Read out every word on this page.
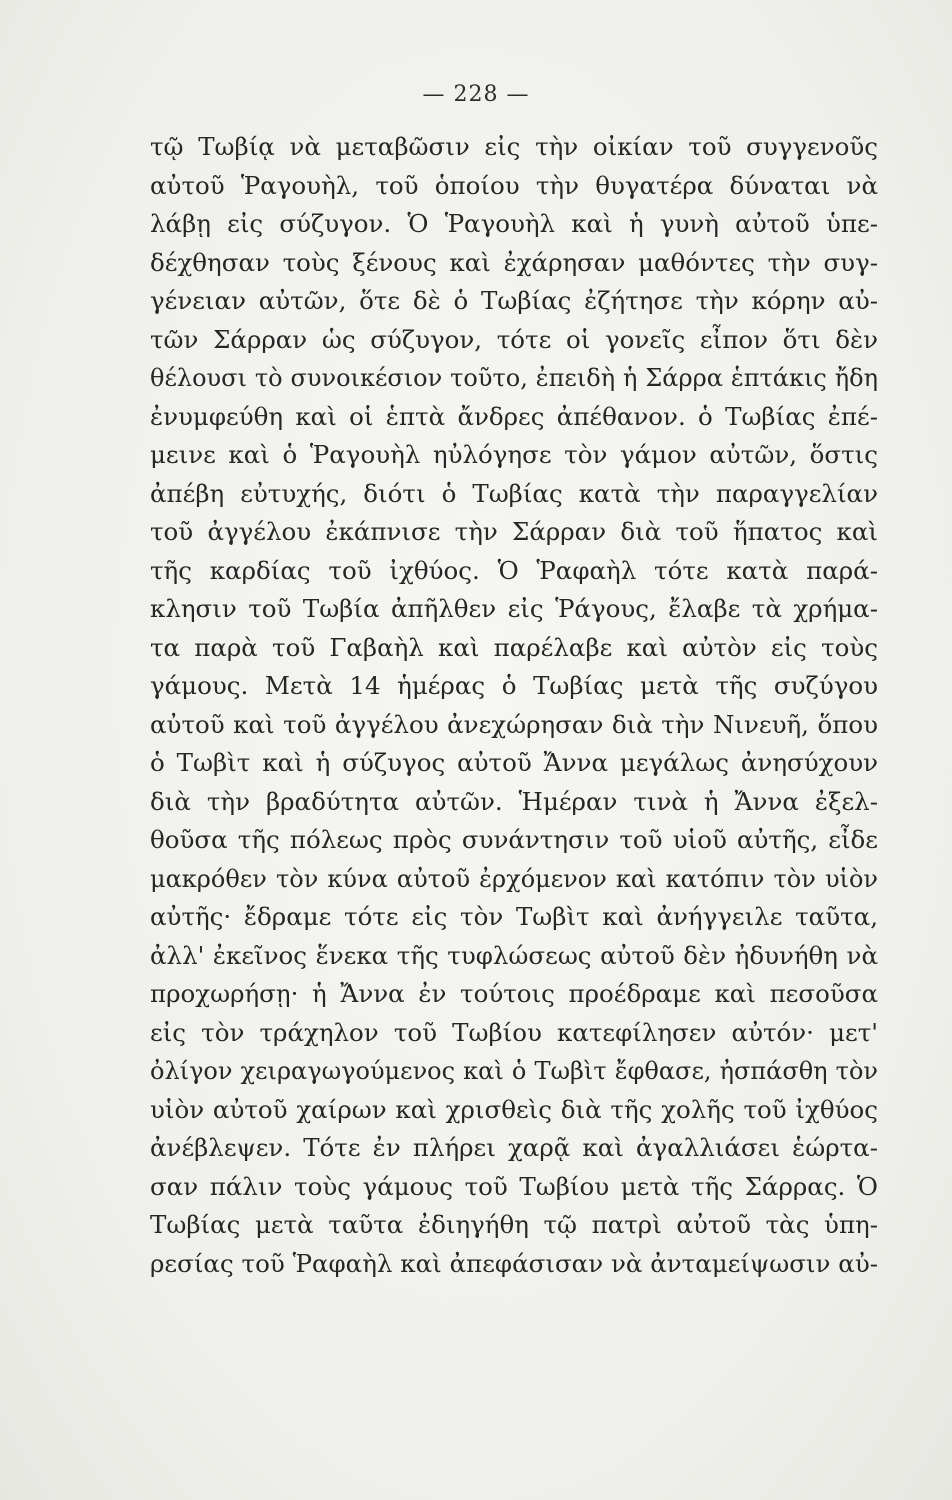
— 228 —
τῷ Τωβίᾳ νὰ μεταβῶσιν εἰς τὴν οἰκίαν τοῦ συγγενοῦς
αὐτοῦ Ῥαγουὴλ, τοῦ ὁποίου τὴν θυγατέρα δύναται νὰ
λάβῃ εἰς σύζυγον. Ὁ Ῥαγουὴλ καὶ ἡ γυνὴ αὐτοῦ ὑπε-
δέχθησαν τοὺς ξένους καὶ ἐχάρησαν μαθόντες τὴν συγ-
γένειαν αὐτῶν, ὅτε δὲ ὁ Τωβίας ἐζήτησε τὴν κόρην αὐ-
τῶν Σάρραν ὡς σύζυγον, τότε οἱ γονεῖς εἶπον ὅτι δὲν
θέλουσι τὸ συνοικέσιον τοῦτο, ἐπειδὴ ἡ Σάρρα ἑπτάκις ἤδη
ἐνυμφεύθη καὶ οἱ ἑπτὰ ἄνδρες ἀπέθανον. ὁ Τωβίας ἐπέ-
μεινε καὶ ὁ Ῥαγουὴλ ηὐλόγησε τὸν γάμον αὐτῶν, ὅστις
ἀπέβη εὐτυχής, διότι ὁ Τωβίας κατὰ τὴν παραγγελίαν
τοῦ ἀγγέλου ἐκάπνισε τὴν Σάρραν διὰ τοῦ ἥπατος καὶ
τῆς καρδίας τοῦ ἰχθύος. Ὁ Ῥαφαὴλ τότε κατὰ παρά-
κλησιν τοῦ Τωβία ἀπῆλθεν εἰς Ῥάγους, ἔλαβε τὰ χρήμα-
τα παρὰ τοῦ Γαβαὴλ καὶ παρέλαβε καὶ αὐτὸν εἰς τοὺς
γάμους. Μετὰ 14 ἡμέρας ὁ Τωβίας μετὰ τῆς συζύγου
αὐτοῦ καὶ τοῦ ἀγγέλου ἀνεχώρησαν διὰ τὴν Νινευῆ, ὅπου
ὁ Τωβὶτ καὶ ἡ σύζυγος αὐτοῦ Ἄννα μεγάλως ἀνησύχουν
διὰ τὴν βραδύτητα αὐτῶν. Ἡμέραν τινὰ ἡ Ἄννα ἐξελ-
θοῦσα τῆς πόλεως πρὸς συνάντησιν τοῦ υἱοῦ αὐτῆς, εἶδε
μακρόθεν τὸν κύνα αὐτοῦ ἐρχόμενον καὶ κατόπιν τὸν υἱὸν
αὐτῆς· ἔδραμε τότε εἰς τὸν Τωβὶτ καὶ ἀνήγγειλε ταῦτα,
ἀλλ' ἐκεῖνος ἕνεκα τῆς τυφλώσεως αὐτοῦ δὲν ἠδυνήθη νὰ
προχωρήσῃ· ἡ Ἄννα ἐν τούτοις προέδραμε καὶ πεσοῦσα
εἰς τὸν τράχηλον τοῦ Τωβίου κατεφίλησεν αὐτόν· μετ'
ὀλίγον χειραγωγούμενος καὶ ὁ Τωβὶτ ἔφθασε, ἠσπάσθη τὸν
υἱὸν αὐτοῦ χαίρων καὶ χρισθεὶς διὰ τῆς χολῆς τοῦ ἰχθύος
ἀνέβλεψεν. Τότε ἐν πλήρει χαρᾷ καὶ ἀγαλλιάσει ἑώρτα-
σαν πάλιν τοὺς γάμους τοῦ Τωβίου μετὰ τῆς Σάρρας. Ὁ
Τωβίας μετὰ ταῦτα ἐδιηγήθη τῷ πατρὶ αὐτοῦ τὰς ὑπη-
ρεσίας τοῦ Ῥαφαὴλ καὶ ἀπεφάσισαν νὰ ἀνταμείψωσιν αὐ-
